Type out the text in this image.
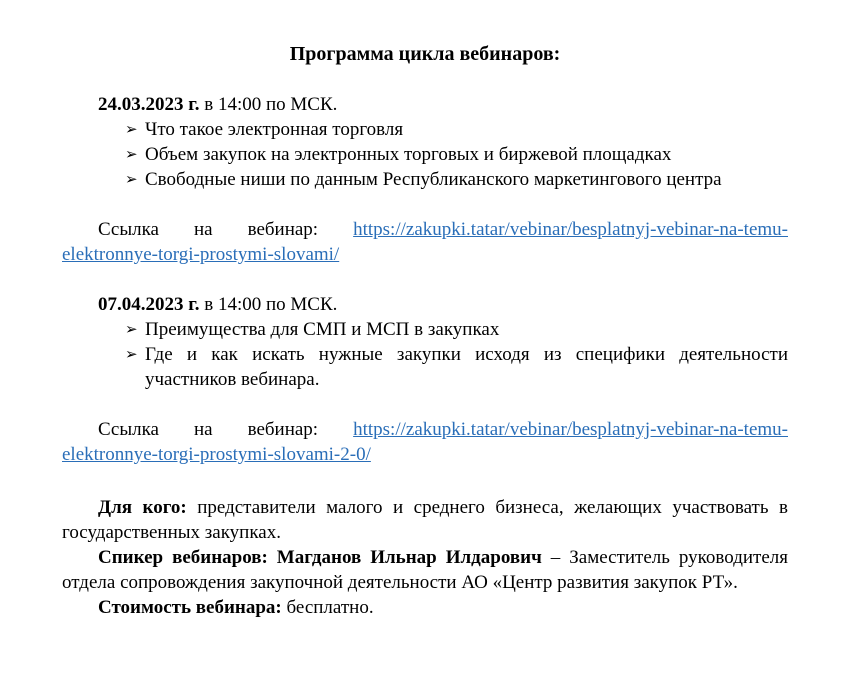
Программа цикла вебинаров:

24.03.2023 г. в 14:00 по МСК.

➢ Что такое электронная торговля
➢ Объем закупок на электронных торговых и биржевой площадках
➢ Свободные ниши по данным Республиканского маркетингового центра

Ссылка на вебинар: https://zakupki.tatar/vebinar/besplatnyj-vebinar-na-temu-elektronnye-torgi-prostymi-slovami/

07.04.2023 г. в 14:00 по МСК.

➢ Преимущества для СМП и МСП в закупках
➢ Где и как искать нужные закупки исходя из специфики деятельности участников вебинара.

Ссылка на вебинар: https://zakupki.tatar/vebinar/besplatnyj-vebinar-na-temu-elektronnye-torgi-prostymi-slovami-2-0/

Для кого: представители малого и среднего бизнеса, желающих участвовать в государственных закупках.

Спикер вебинаров: Магданов Ильнар Илдарович – Заместитель руководителя отдела сопровождения закупочной деятельности АО «Центр развития закупок РТ».

Стоимость вебинара: бесплатно.
